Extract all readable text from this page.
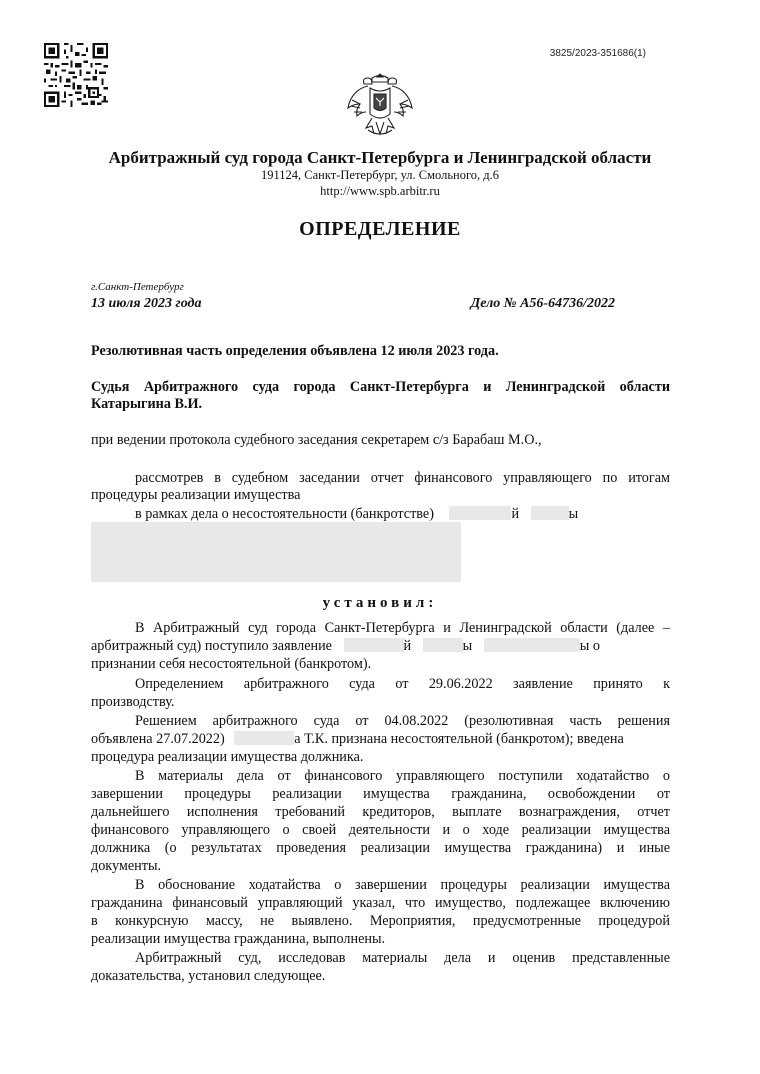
3825/2023-351686(1)
Арбитражный суд города Санкт-Петербурга и Ленинградской области
191124, Санкт-Петербург, ул. Смольного, д.6
http://www.spb.arbitr.ru
ОПРЕДЕЛЕНИЕ
г.Санкт-Петербург
13 июля 2023 года	Дело № А56-64736/2022
Резолютивная часть определения объявлена 12 июля 2023 года.
Судья Арбитражного суда города Санкт-Петербурга и Ленинградской области
Катарыгина В.И.
при ведении протокола судебного заседания секретарем с/з Барабаш М.О.,
рассмотрев в судебном заседании отчет финансового управляющего по итогам
процедуры реализации имущества
в рамках дела о несостоятельности (банкротстве)	й	ы
установил:
В Арбитражный суд города Санкт-Петербурга и Ленинградской области (далее –
арбитражный суд) поступило заявление	й	ы	ы о
признании себя несостоятельной (банкротом).
Определением арбитражного суда от 29.06.2022 заявление принято к
производству.
Решением арбитражного суда от 04.08.2022 (резолютивная часть решения
объявлена 27.07.2022)	а Т.К. признана несостоятельной (банкротом); введена
процедура реализации имущества должника.
В материалы дела от финансового управляющего поступили ходатайство о
завершении процедуры реализации имущества гражданина, освобождении от
дальнейшего исполнения требований кредиторов, выплате вознаграждения, отчет
финансового управляющего о своей деятельности и о ходе реализации имущества
должника (о результатах проведения реализации имущества гражданина) и иные
документы.
В обоснование ходатайства о завершении процедуры реализации имущества
гражданина финансовый управляющий указал, что имущество, подлежащее включению
в конкурсную массу, не выявлено. Мероприятия, предусмотренные процедурой
реализации имущества гражданина, выполнены.
Арбитражный суд, исследовав материалы дела и оценив представленные
доказательства, установил следующее.
